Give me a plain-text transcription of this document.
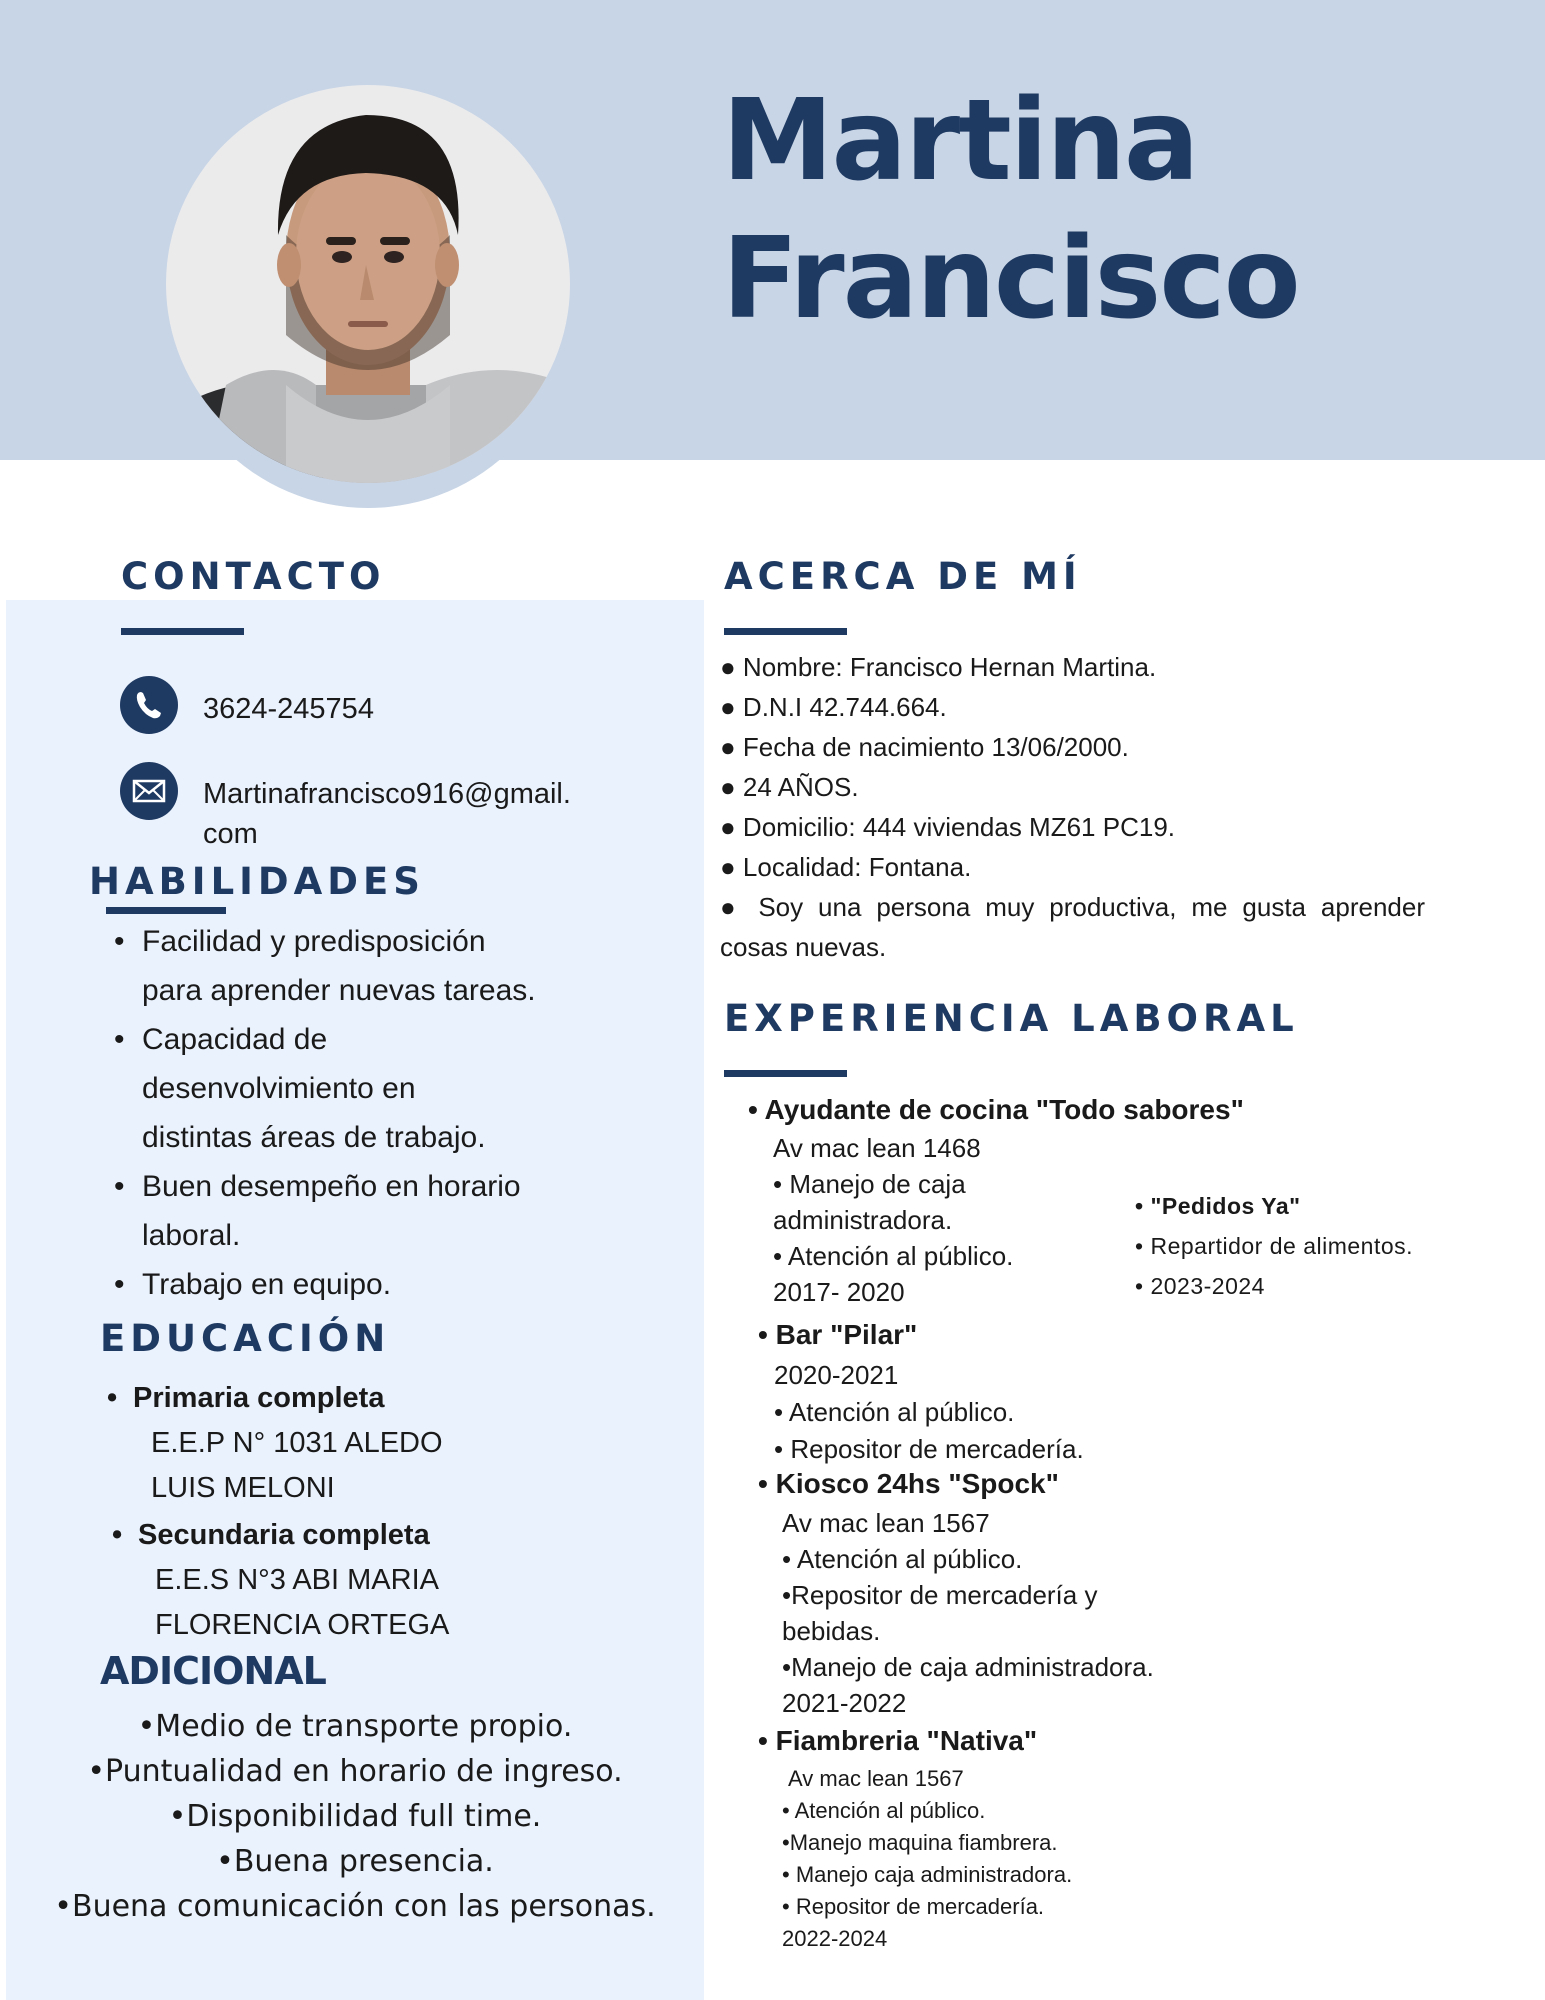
Martina
Francisco
CONTACTO
3624-245754
Martinafrancisco916@gmail.
com
HABILIDADES
• Facilidad y predisposición
para aprender nuevas tareas.
• Capacidad de
desenvolvimiento en
distintas áreas de trabajo.
• Buen desempeño en horario
laboral.
• Trabajo en equipo.
EDUCACIÓN
• Primaria completa
E.E.P N° 1031 ALEDO
LUIS MELONI
• Secundaria completa
E.E.S N°3 ABI MARIA
FLORENCIA ORTEGA
ADICIONAL
•Medio de transporte propio.
•Puntualidad en horario de ingreso.
•Disponibilidad full time.
•Buena presencia.
•Buena comunicación con las personas.
ACERCA DE MÍ
● Nombre: Francisco Hernan Martina.
● D.N.I 42.744.664.
● Fecha de nacimiento 13/06/2000.
● 24 AÑOS.
● Domicilio: 444 viviendas MZ61 PC19.
● Localidad: Fontana.
● Soy una persona muy productiva, me gusta aprender cosas nuevas.
EXPERIENCIA LABORAL
• Ayudante de cocina "Todo sabores"
Av mac lean 1468
• Manejo de caja
administradora.
• Atención al público.
2017- 2020
• "Pedidos Ya"
• Repartidor de alimentos.
• 2023-2024
• Bar "Pilar"
2020-2021
• Atención al público.
• Repositor de mercadería.
• Kiosco 24hs "Spock"
Av mac lean 1567
• Atención al público.
•Repositor de mercadería y
bebidas.
•Manejo de caja administradora.
2021-2022
• Fiambreria "Nativa"
Av mac lean 1567
• Atención al público.
•Manejo maquina fiambrera.
• Manejo caja administradora.
• Repositor de mercadería.
2022-2024
